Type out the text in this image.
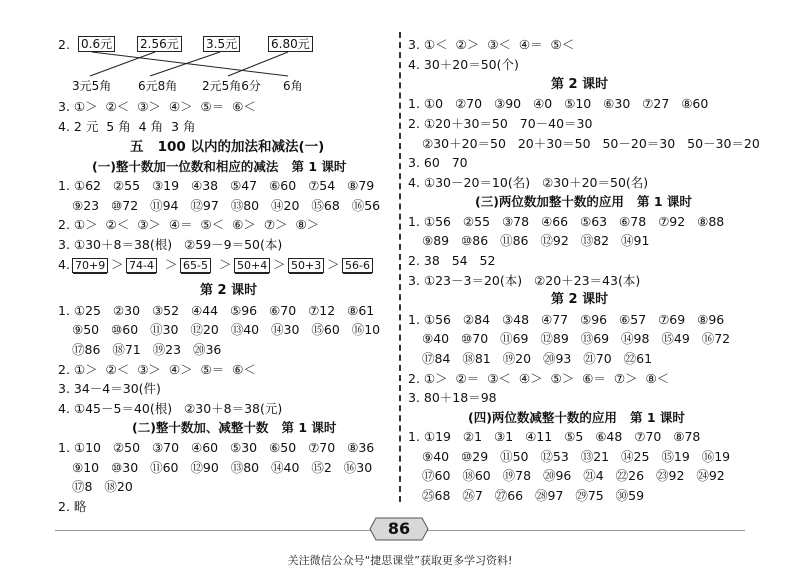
2. 0.6元 2.56元 3.5元	6.80元
3元5角 6元8角 2元5角6分 6角
3. ①＞  ②＜  ③＞  ④＞  ⑤＝  ⑥＜
4. 2 元  5 角  4 角  3 角
五   100 以内的加法和减法(一)
(一)整十数加一位数和相应的减法   第 1 课时
1. ①62   ②55   ③19   ④38   ⑤47   ⑥60   ⑦54   ⑧79
⑨23   ⑩72   ⑪94   ⑫97   ⑬80   ⑭20   ⑮68   ⑯56
2. ①＞  ②＜  ③＞  ④＝  ⑤＜  ⑥＞  ⑦＞  ⑧＞
3. ①30＋8＝38(根)   ②59－9＝50(本)
4. 70+9 ＞ 74-4 ＞ 65-5 ＞ 50+4 ＞ 50+3 ＞ 56-6
第 2 课时
1. ①25   ②30   ③52   ④44   ⑤96   ⑥70   ⑦12   ⑧61
⑨50   ⑩60   ⑪30   ⑫20   ⑬40   ⑭30   ⑮60   ⑯10
⑰86   ⑱71   ⑲23   ⑳36
2. ①＞  ②＜  ③＞  ④＞  ⑤＝  ⑥＜
3. 34－4＝30(件)
4. ①45－5＝40(根)   ②30＋8＝38(元)
(二)整十数加、减整十数   第 1 课时
1. ①10   ②50   ③70   ④60   ⑤30   ⑥50   ⑦70   ⑧36
⑨10   ⑩30   ⑪60   ⑫90   ⑬80   ⑭40   ⑮2   ⑯30
⑰8   ⑱20
2. 略
3. ①＜  ②＞  ③＜  ④＝  ⑤＜
4. 30＋20＝50(个)
第 2 课时
1. ①0   ②70   ③90   ④0   ⑤10   ⑥30   ⑦27   ⑧60
2. ①20＋30＝50   70－40＝30
②30＋20＝50   20＋30＝50   50－20＝30   50－30＝20
3. 60   70
4. ①30－20＝10(名)   ②30＋20＝50(名)
(三)两位数加整十数的应用   第 1 课时
1. ①56   ②55   ③78   ④66   ⑤63   ⑥78   ⑦92   ⑧88
⑨89   ⑩86   ⑪86   ⑫92   ⑬82   ⑭91
2. 38   54   52
3. ①23－3＝20(本)   ②20＋23＝43(本)
第 2 课时
1. ①56   ②84   ③48   ④77   ⑤96   ⑥57   ⑦69   ⑧96
⑨40   ⑩70   ⑪69   ⑫89   ⑬69   ⑭98   ⑮49   ⑯72
⑰84   ⑱81   ⑲20   ⑳93   ㉑70   ㉒61
2. ①＞  ②＝  ③＜  ④＞  ⑤＞  ⑥＝  ⑦＞  ⑧＜
3. 80＋18＝98
(四)两位数减整十数的应用   第 1 课时
1. ①19   ②1   ③1   ④11   ⑤5   ⑥48   ⑦70   ⑧78
⑨40   ⑩29   ⑪50   ⑫53   ⑬21   ⑭25   ⑮19   ⑯19
⑰60   ⑱60   ⑲78   ⑳96   ㉑4   ㉒26   ㉓92   ㉔92
㉕68   ㉖7   ㉗66   ㉘97   ㉙75   ㉚59
86
关注微信公众号“捷思课堂”获取更多学习资料!
